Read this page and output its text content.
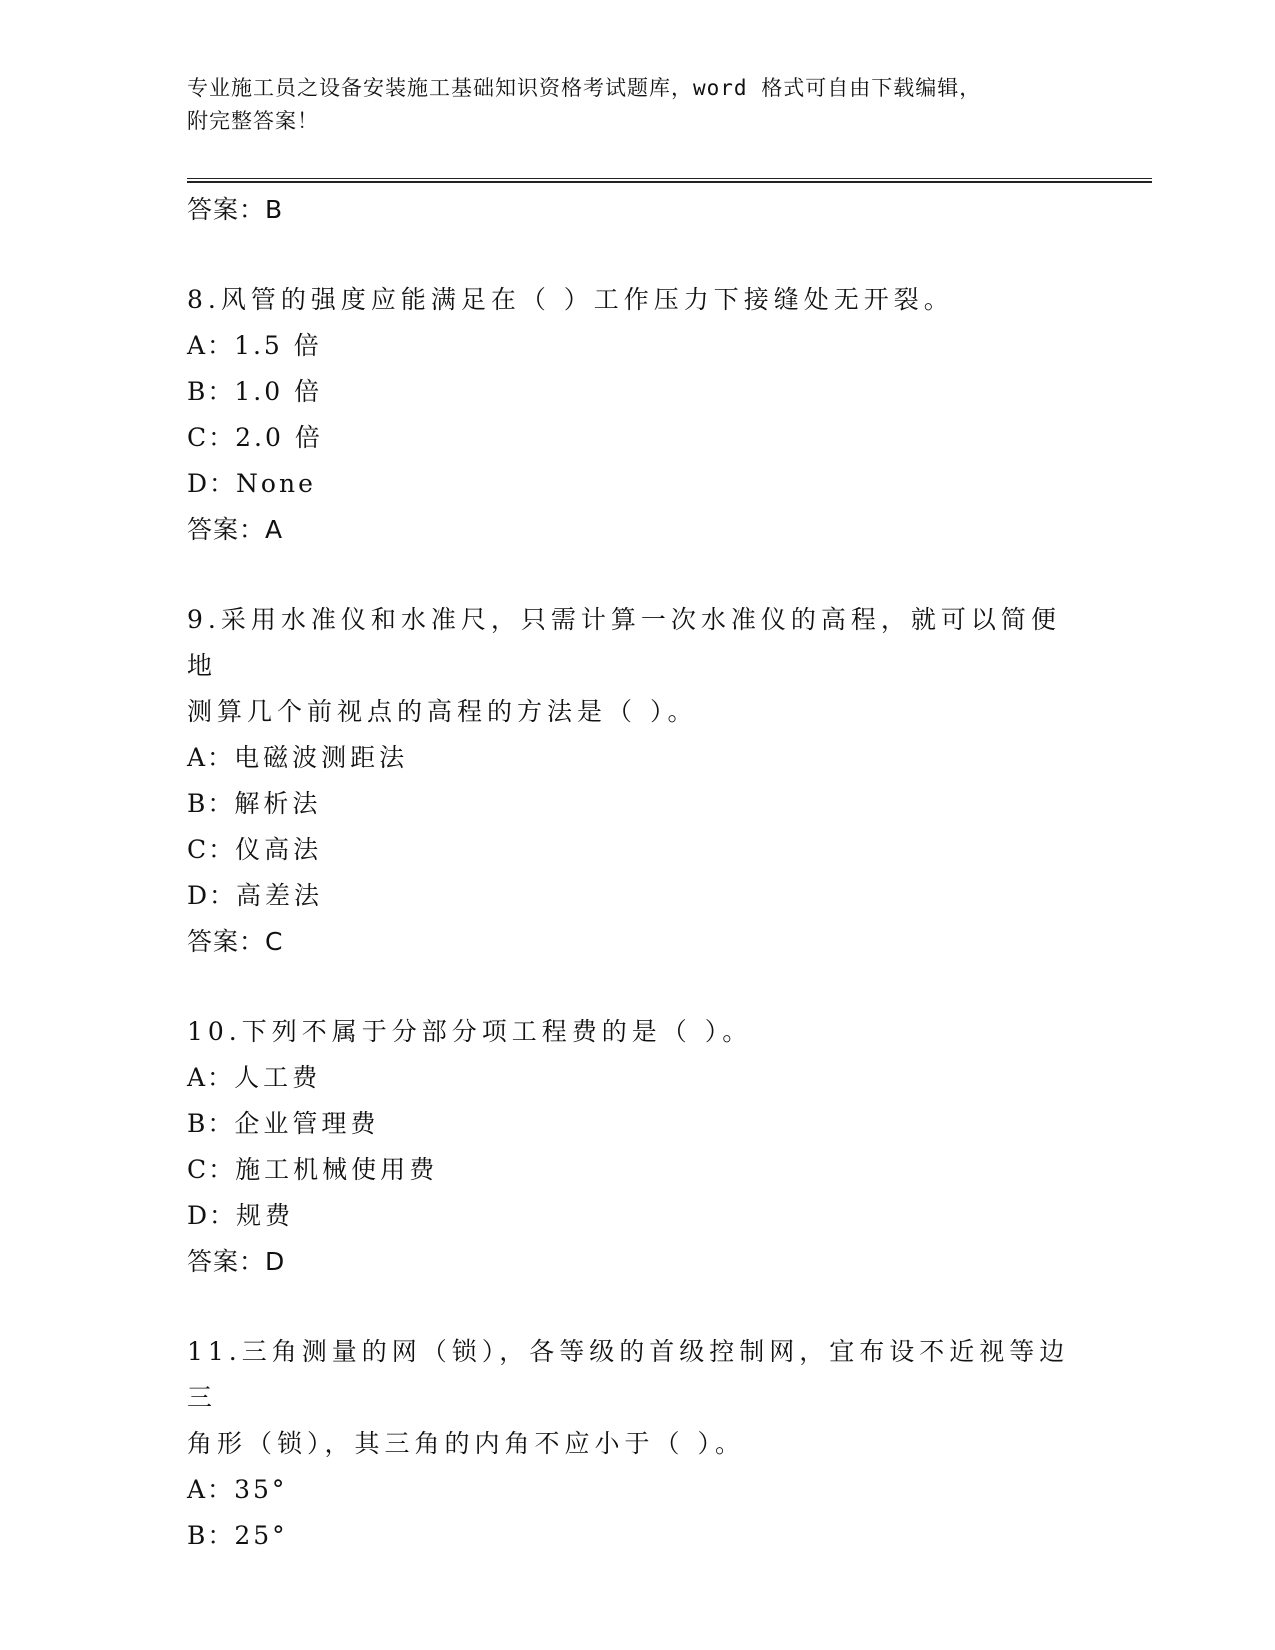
专业施工员之设备安装施工基础知识资格考试题库，word 格式可自由下载编辑，
附完整答案！
答案：B
8.风管的强度应能满足在（ ）工作压力下接缝处无开裂。
A：1.5 倍
B：1.0 倍
C：2.0 倍
D：None
答案：A
9.采用水准仪和水准尺，只需计算一次水准仪的高程，就可以简便地
测算几个前视点的高程的方法是（ ）。
A：电磁波测距法
B：解析法
C：仪高法
D：高差法
答案：C
10.下列不属于分部分项工程费的是（ ）。
A：人工费
B：企业管理费
C：施工机械使用费
D：规费
答案：D
11.三角测量的网（锁），各等级的首级控制网，宜布设不近视等边三
角形（锁），其三角的内角不应小于（ ）。
A：35°
B：25°
